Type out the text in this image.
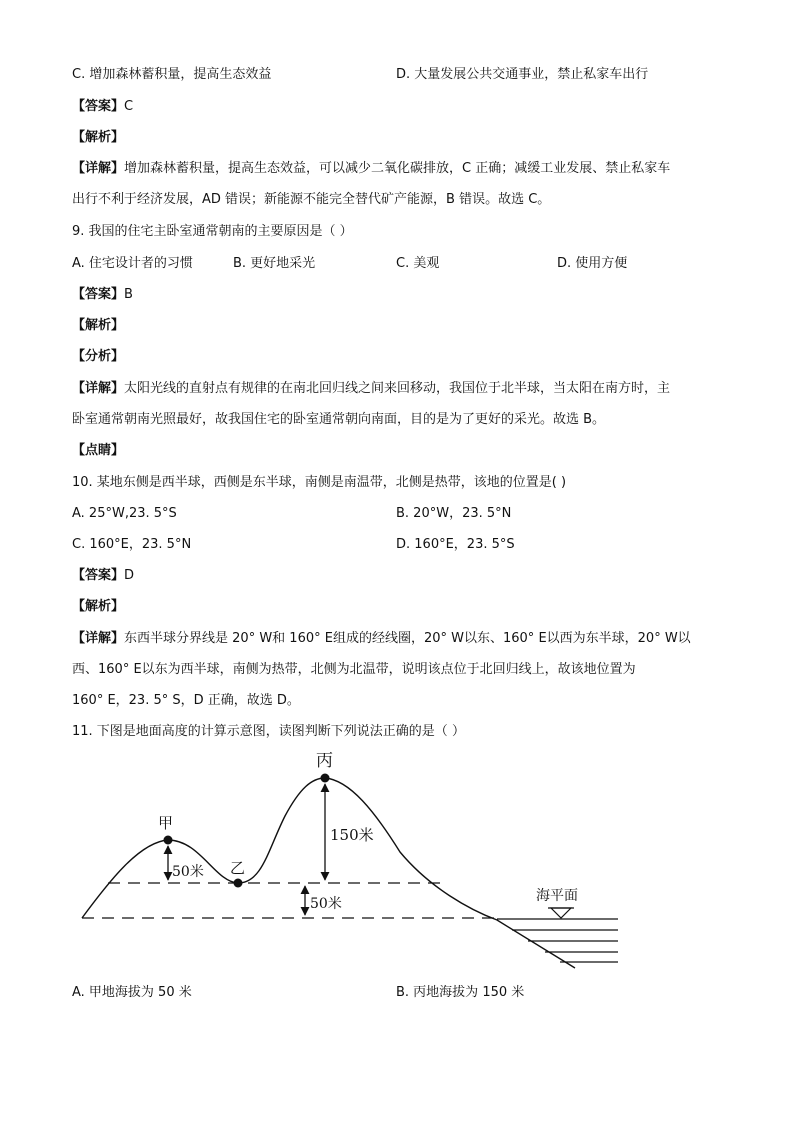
C. 增加森林蓄积量，提高生态效益	D. 大量发展公共交通事业，禁止私家车出行
【答案】C
【解析】
【详解】增加森林蓄积量，提高生态效益，可以减少二氧化碳排放，C 正确；减缓工业发展、禁止私家车
出行不利于经济发展，AD 错误；新能源不能完全替代矿产能源，B 错误。故选 C。
9. 我国的住宅主卧室通常朝南的主要原因是（ ）
A. 住宅设计者的习惯	B. 更好地采光	C. 美观	D. 使用方便
【答案】B
【解析】
【分析】
【详解】太阳光线的直射点有规律的在南北回归线之间来回移动，我国位于北半球，当太阳在南方时，主
卧室通常朝南光照最好，故我国住宅的卧室通常朝向南面，目的是为了更好的采光。故选 B。
【点睛】
10. 某地东侧是西半球，西侧是东半球，南侧是南温带，北侧是热带，该地的位置是( )
A. 25°W,23. 5°S	B. 20°W，23. 5°N
C. 160°E，23. 5°N	D. 160°E，23. 5°S
【答案】D
【解析】
【详解】东西半球分界线是 20° W和 160° E组成的经线圈，20° W以东、160° E以西为东半球，20° W以
西、160° E以东为西半球，南侧为热带，北侧为北温带，说明该点位于北回归线上，故该地位置为
160° E，23. 5° S，D 正确，故选 D。
11. 下图是地面高度的计算示意图，读图判断下列说法正确的是（ ）
甲
乙
丙
50米
150米
50米	海平面
A. 甲地海拔为 50 米	B. 丙地海拔为 150 米
